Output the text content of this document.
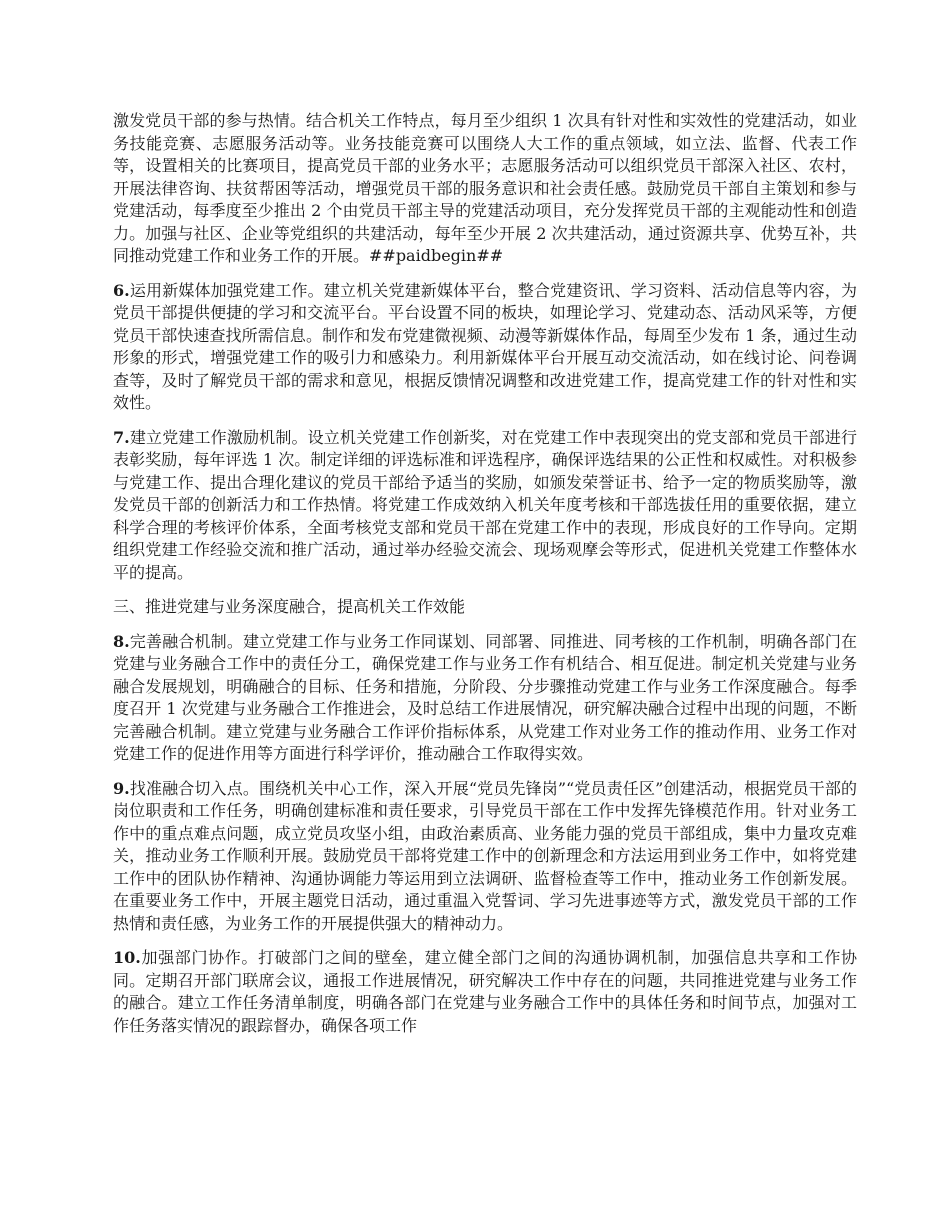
激发党员干部的参与热情。结合机关工作特点，每月至少组织 1 次具有针对性和实效性的党建活动，如业务技能竞赛、志愿服务活动等。业务技能竞赛可以围绕人大工作的重点领域，如立法、监督、代表工作等，设置相关的比赛项目，提高党员干部的业务水平；志愿服务活动可以组织党员干部深入社区、农村，开展法律咨询、扶贫帮困等活动，增强党员干部的服务意识和社会责任感。鼓励党员干部自主策划和参与党建活动，每季度至少推出 2 个由党员干部主导的党建活动项目，充分发挥党员干部的主观能动性和创造力。加强与社区、企业等党组织的共建活动，每年至少开展 2 次共建活动，通过资源共享、优势互补，共同推动党建工作和业务工作的开展。##paidbegin##

6.运用新媒体加强党建工作。建立机关党建新媒体平台，整合党建资讯、学习资料、活动信息等内容，为党员干部提供便捷的学习和交流平台。平台设置不同的板块，如理论学习、党建动态、活动风采等，方便党员干部快速查找所需信息。制作和发布党建微视频、动漫等新媒体作品，每周至少发布 1 条，通过生动形象的形式，增强党建工作的吸引力和感染力。利用新媒体平台开展互动交流活动，如在线讨论、问卷调查等，及时了解党员干部的需求和意见，根据反馈情况调整和改进党建工作，提高党建工作的针对性和实效性。

7.建立党建工作激励机制。设立机关党建工作创新奖，对在党建工作中表现突出的党支部和党员干部进行表彰奖励，每年评选 1 次。制定详细的评选标准和评选程序，确保评选结果的公正性和权威性。对积极参与党建工作、提出合理化建议的党员干部给予适当的奖励，如颁发荣誉证书、给予一定的物质奖励等，激发党员干部的创新活力和工作热情。将党建工作成效纳入机关年度考核和干部选拔任用的重要依据，建立科学合理的考核评价体系，全面考核党支部和党员干部在党建工作中的表现，形成良好的工作导向。定期组织党建工作经验交流和推广活动，通过举办经验交流会、现场观摩会等形式，促进机关党建工作整体水平的提高。

三、推进党建与业务深度融合，提高机关工作效能

8.完善融合机制。建立党建工作与业务工作同谋划、同部署、同推进、同考核的工作机制，明确各部门在党建与业务融合工作中的责任分工，确保党建工作与业务工作有机结合、相互促进。制定机关党建与业务融合发展规划，明确融合的目标、任务和措施，分阶段、分步骤推动党建工作与业务工作深度融合。每季度召开 1 次党建与业务融合工作推进会，及时总结工作进展情况，研究解决融合过程中出现的问题，不断完善融合机制。建立党建与业务融合工作评价指标体系，从党建工作对业务工作的推动作用、业务工作对党建工作的促进作用等方面进行科学评价，推动融合工作取得实效。

9.找准融合切入点。围绕机关中心工作，深入开展“党员先锋岗”“党员责任区”创建活动，根据党员干部的岗位职责和工作任务，明确创建标准和责任要求，引导党员干部在工作中发挥先锋模范作用。针对业务工作中的重点难点问题，成立党员攻坚小组，由政治素质高、业务能力强的党员干部组成，集中力量攻克难关，推动业务工作顺利开展。鼓励党员干部将党建工作中的创新理念和方法运用到业务工作中，如将党建工作中的团队协作精神、沟通协调能力等运用到立法调研、监督检查等工作中，推动业务工作创新发展。在重要业务工作中，开展主题党日活动，通过重温入党誓词、学习先进事迹等方式，激发党员干部的工作热情和责任感，为业务工作的开展提供强大的精神动力。

10.加强部门协作。打破部门之间的壁垒，建立健全部门之间的沟通协调机制，加强信息共享和工作协同。定期召开部门联席会议，通报工作进展情况，研究解决工作中存在的问题，共同推进党建与业务工作的融合。建立工作任务清单制度，明确各部门在党建与业务融合工作中的具体任务和时间节点，加强对工作任务落实情况的跟踪督办，确保各项工作
